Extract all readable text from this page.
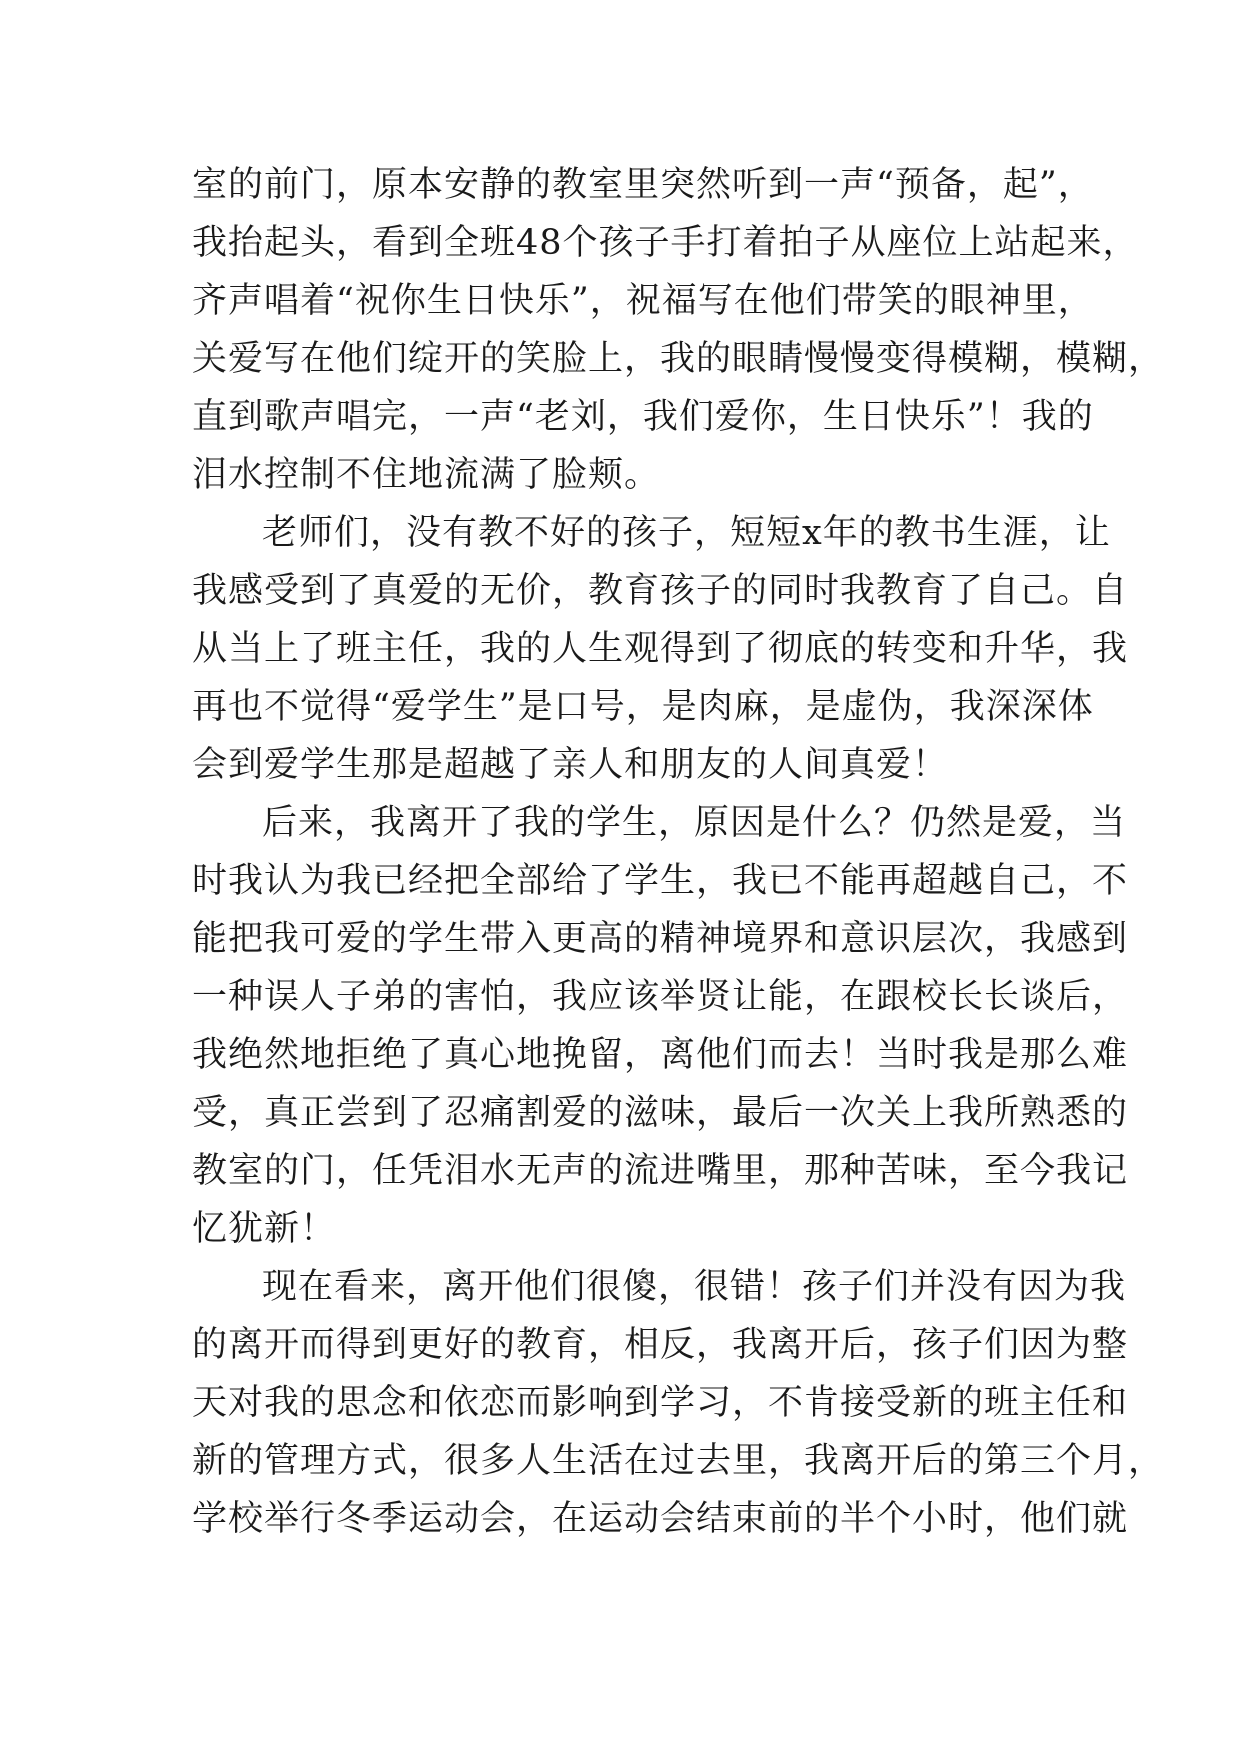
室的前门，原本安静的教室里突然听到一声“预备，起”，
我抬起头，看到全班48个孩子手打着拍子从座位上站起来，
齐声唱着“祝你生日快乐”，祝福写在他们带笑的眼神里，
关爱写在他们绽开的笑脸上，我的眼睛慢慢变得模糊，模糊，
直到歌声唱完，一声“老刘，我们爱你，生日快乐”！我的
泪水控制不住地流满了脸颊。
老师们，没有教不好的孩子，短短x年的教书生涯，让
我感受到了真爱的无价，教育孩子的同时我教育了自己。自
从当上了班主任，我的人生观得到了彻底的转变和升华，我
再也不觉得“爱学生”是口号，是肉麻，是虚伪，我深深体
会到爱学生那是超越了亲人和朋友的人间真爱！
后来，我离开了我的学生，原因是什么？仍然是爱，当
时我认为我已经把全部给了学生，我已不能再超越自己，不
能把我可爱的学生带入更高的精神境界和意识层次，我感到
一种误人子弟的害怕，我应该举贤让能，在跟校长长谈后，
我绝然地拒绝了真心地挽留，离他们而去！当时我是那么难
受，真正尝到了忍痛割爱的滋味，最后一次关上我所熟悉的
教室的门，任凭泪水无声的流进嘴里，那种苦味，至今我记
忆犹新！
现在看来，离开他们很傻，很错！孩子们并没有因为我
的离开而得到更好的教育，相反，我离开后，孩子们因为整
天对我的思念和依恋而影响到学习，不肯接受新的班主任和
新的管理方式，很多人生活在过去里，我离开后的第三个月，
学校举行冬季运动会，在运动会结束前的半个小时，他们就
